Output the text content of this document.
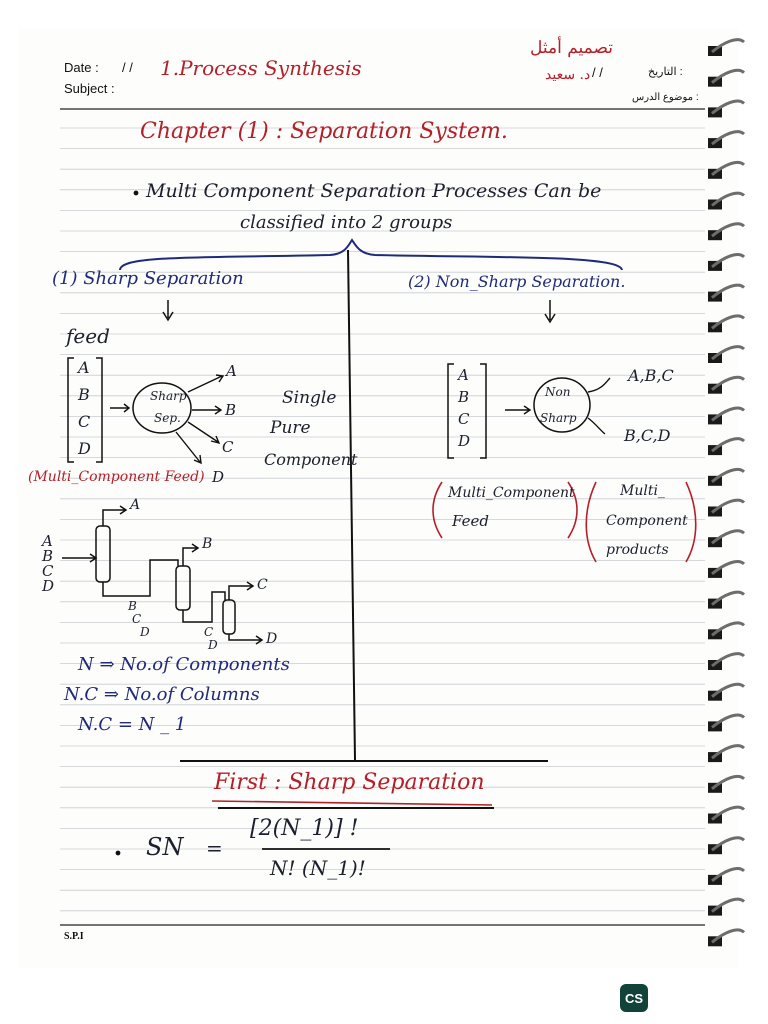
Date : / /
Subject :
التاريخ :
/ /
موضوع الدرس :
1.Process Synthesis
تصميم أمثل
د. سعيد
Chapter (1) : Separation System.
Multi Component Separation Processes Can be
classified into 2 groups
(1) Sharp Separation
feed
A
B
C
D
Sharp
Sep.
A
B
C
D
Single
Pure
Component
(Multi_Component Feed)
A
B
C
D
A
B
C
D
B
C
D	C
D
N ⇒ No.of Components
N.C ⇒ No.of Columns
N.C = N _ 1
(2) Non_Sharp Separation.
A
B
C
D
Non
Sharp
A,B,C
B,C,D
Multi_Component
Feed
Multi_
Component
products
First : Sharp Separation
SN =
[2(N_1)] !
N! (N_1)!
S.P.I
CS
